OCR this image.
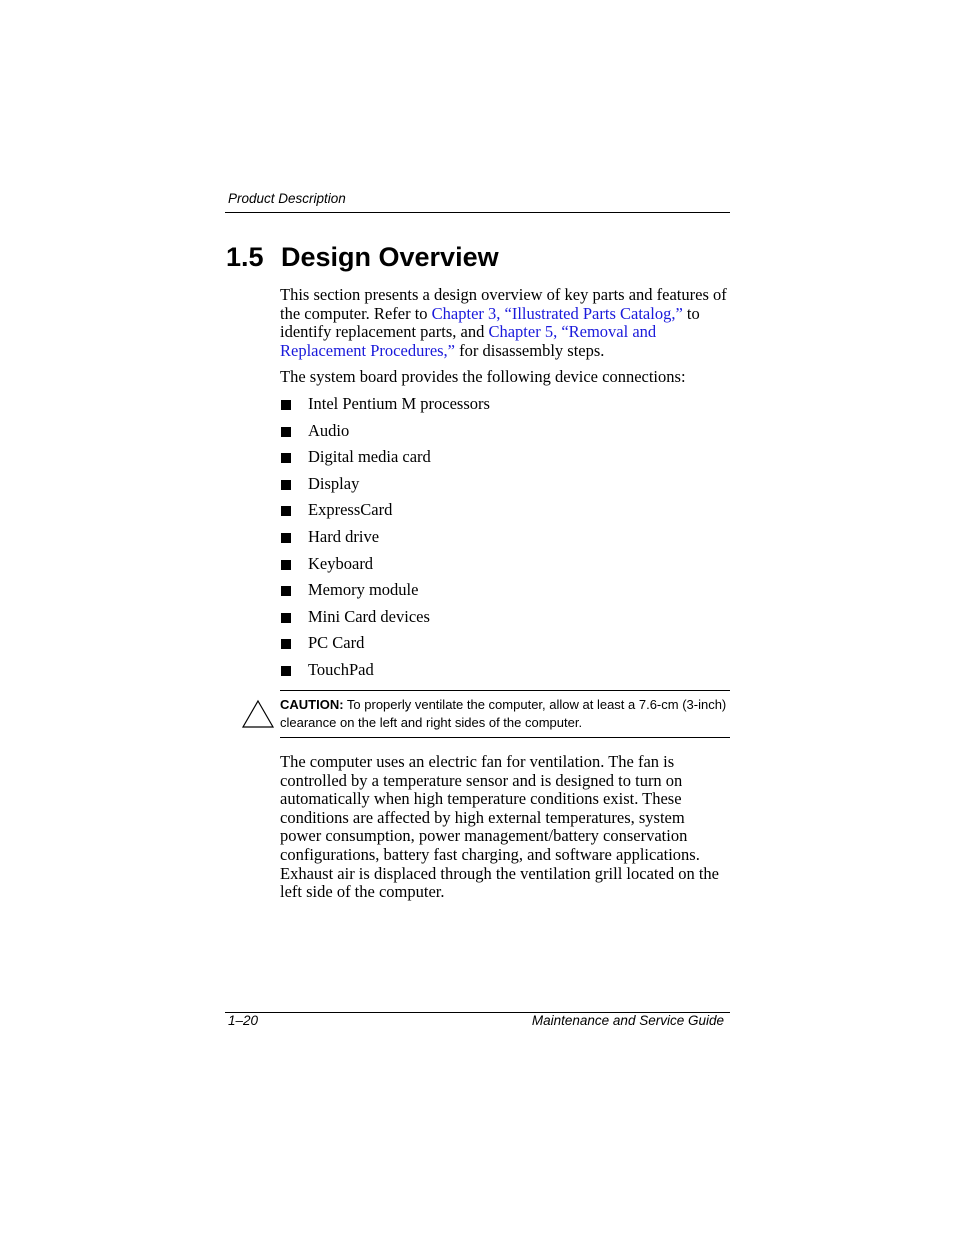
Product Description
1.5 Design Overview

This section presents a design overview of key parts and features of the computer. Refer to Chapter 3, “Illustrated Parts Catalog,” to identify replacement parts, and Chapter 5, “Removal and Replacement Procedures,” for disassembly steps.

The system board provides the following device connections:

Intel Pentium M processors
Audio
Digital media card
Display
ExpressCard
Hard drive
Keyboard
Memory module
Mini Card devices
PC Card
TouchPad
CAUTION: To properly ventilate the computer, allow at least a 7.6-cm (3-inch) clearance on the left and right sides of the computer.

The computer uses an electric fan for ventilation. The fan is controlled by a temperature sensor and is designed to turn on automatically when high temperature conditions exist. These conditions are affected by high external temperatures, system power consumption, power management/battery conservation configurations, battery fast charging, and software applications. Exhaust air is displaced through the ventilation grill located on the left side of the computer.

1–20	Maintenance and Service Guide
